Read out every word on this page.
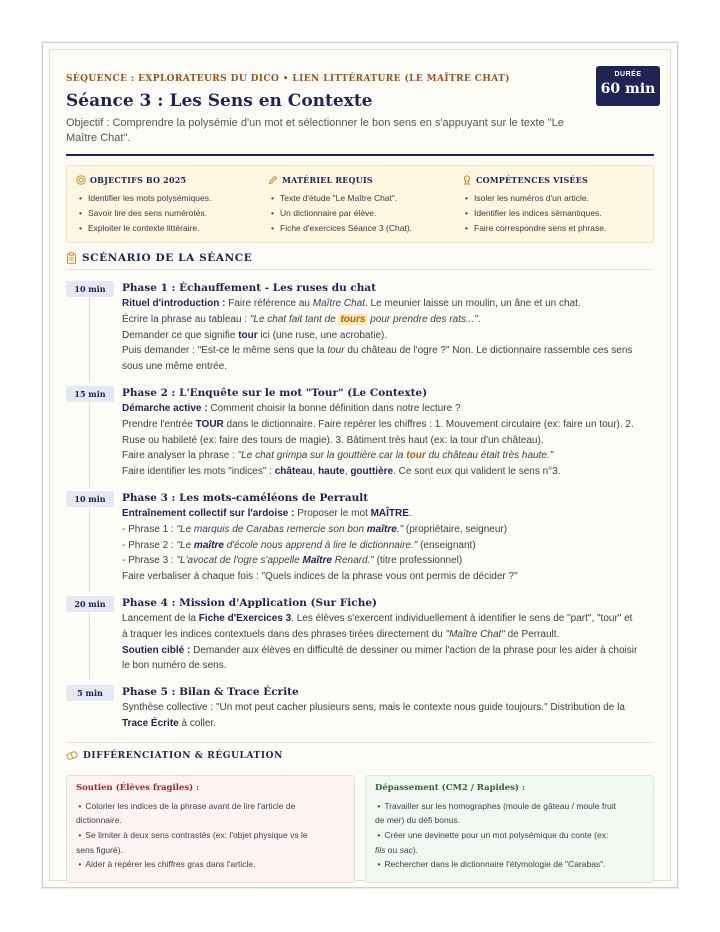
SÉQUENCE : EXPLORATEURS DU DICO • LIEN LITTÉRATURE (LE MAÎTRE CHAT)
Séance 3 : Les Sens en Contexte
Objectif : Comprendre la polysémie d'un mot et sélectionner le bon sens en s'appuyant sur le texte "Le Maître Chat".
DURÉE
60 min
OBJECTIFS BO 2025
• Identifier les mots polysémiques.
• Savoir lire des sens numérotés.
• Exploiter le contexte littéraire.
MATÉRIEL REQUIS
• Texte d'étude "Le Maître Chat".
• Un dictionnaire par élève.
• Fiche d'exercices Séance 3 (Chat).
COMPÉTENCES VISÉES
• Isoler les numéros d'un article.
• Identifier les indices sémantiques.
• Faire correspondre sens et phrase.
SCÉNARIO DE LA SÉANCE
10 min	Phase 1 : Échauffement - Les ruses du chat
Rituel d'introduction : Faire référence au Maître Chat. Le meunier laisse un moulin, un âne et un chat.
Écrire la phrase au tableau : "Le chat fait tant de tours pour prendre des rats...".
Demander ce que signifie tour ici (une ruse, une acrobatie).
Puis demander : "Est-ce le même sens que la tour du château de l'ogre ?" Non. Le dictionnaire rassemble ces sens
sous une même entrée.
15 min	Phase 2 : L'Enquête sur le mot "Tour" (Le Contexte)
Démarche active : Comment choisir la bonne définition dans notre lecture ?
Prendre l'entrée TOUR dans le dictionnaire. Faire repérer les chiffres : 1. Mouvement circulaire (ex: faire un tour). 2.
Ruse ou habileté (ex: faire des tours de magie). 3. Bâtiment très haut (ex: la tour d'un château).
Faire analyser la phrase : "Le chat grimpa sur la gouttière car la tour du château était très haute."
Faire identifier les mots "indices" : château, haute, gouttière. Ce sont eux qui valident le sens n°3.
10 min	Phase 3 : Les mots-caméléons de Perrault
Entraînement collectif sur l'ardoise : Proposer le mot MAÎTRE.
- Phrase 1 : "Le marquis de Carabas remercie son bon maître." (propriétaire, seigneur)
- Phrase 2 : "Le maître d'école nous apprend à lire le dictionnaire." (enseignant)
- Phrase 3 : "L'avocat de l'ogre s'appelle Maître Renard." (titre professionnel)
Faire verbaliser à chaque fois : "Quels indices de la phrase vous ont permis de décider ?"
20 min	Phase 4 : Mission d'Application (Sur Fiche)
Lancement de la Fiche d'Exercices 3. Les élèves s'exercent individuellement à identifier le sens de "part", "tour" et
à traquer les indices contextuels dans des phrases tirées directement du "Maître Chat" de Perrault.
Soutien ciblé : Demander aux élèves en difficulté de dessiner ou mimer l'action de la phrase pour les aider à choisir
le bon numéro de sens.
5 min	Phase 5 : Bilan & Trace Écrite
Synthèse collective : "Un mot peut cacher plusieurs sens, mais le contexte nous guide toujours." Distribution de la
Trace Écrite à coller.
DIFFÉRENCIATION & RÉGULATION
Soutien (Élèves fragiles) :
• Colorier les indices de la phrase avant de lire l'article de
dictionnaire.
• Se limiter à deux sens contrastés (ex: l'objet physique vs le
sens figuré).
• Aider à repérer les chiffres gras dans l'article.
Dépassement (CM2 / Rapides) :
• Travailler sur les homographes (moule de gâteau / moule fruit
de mer) du défi bonus.
• Créer une devinette pour un mot polysémique du conte (ex:
fils ou sac).
• Rechercher dans le dictionnaire l'étymologie de "Carabas".
